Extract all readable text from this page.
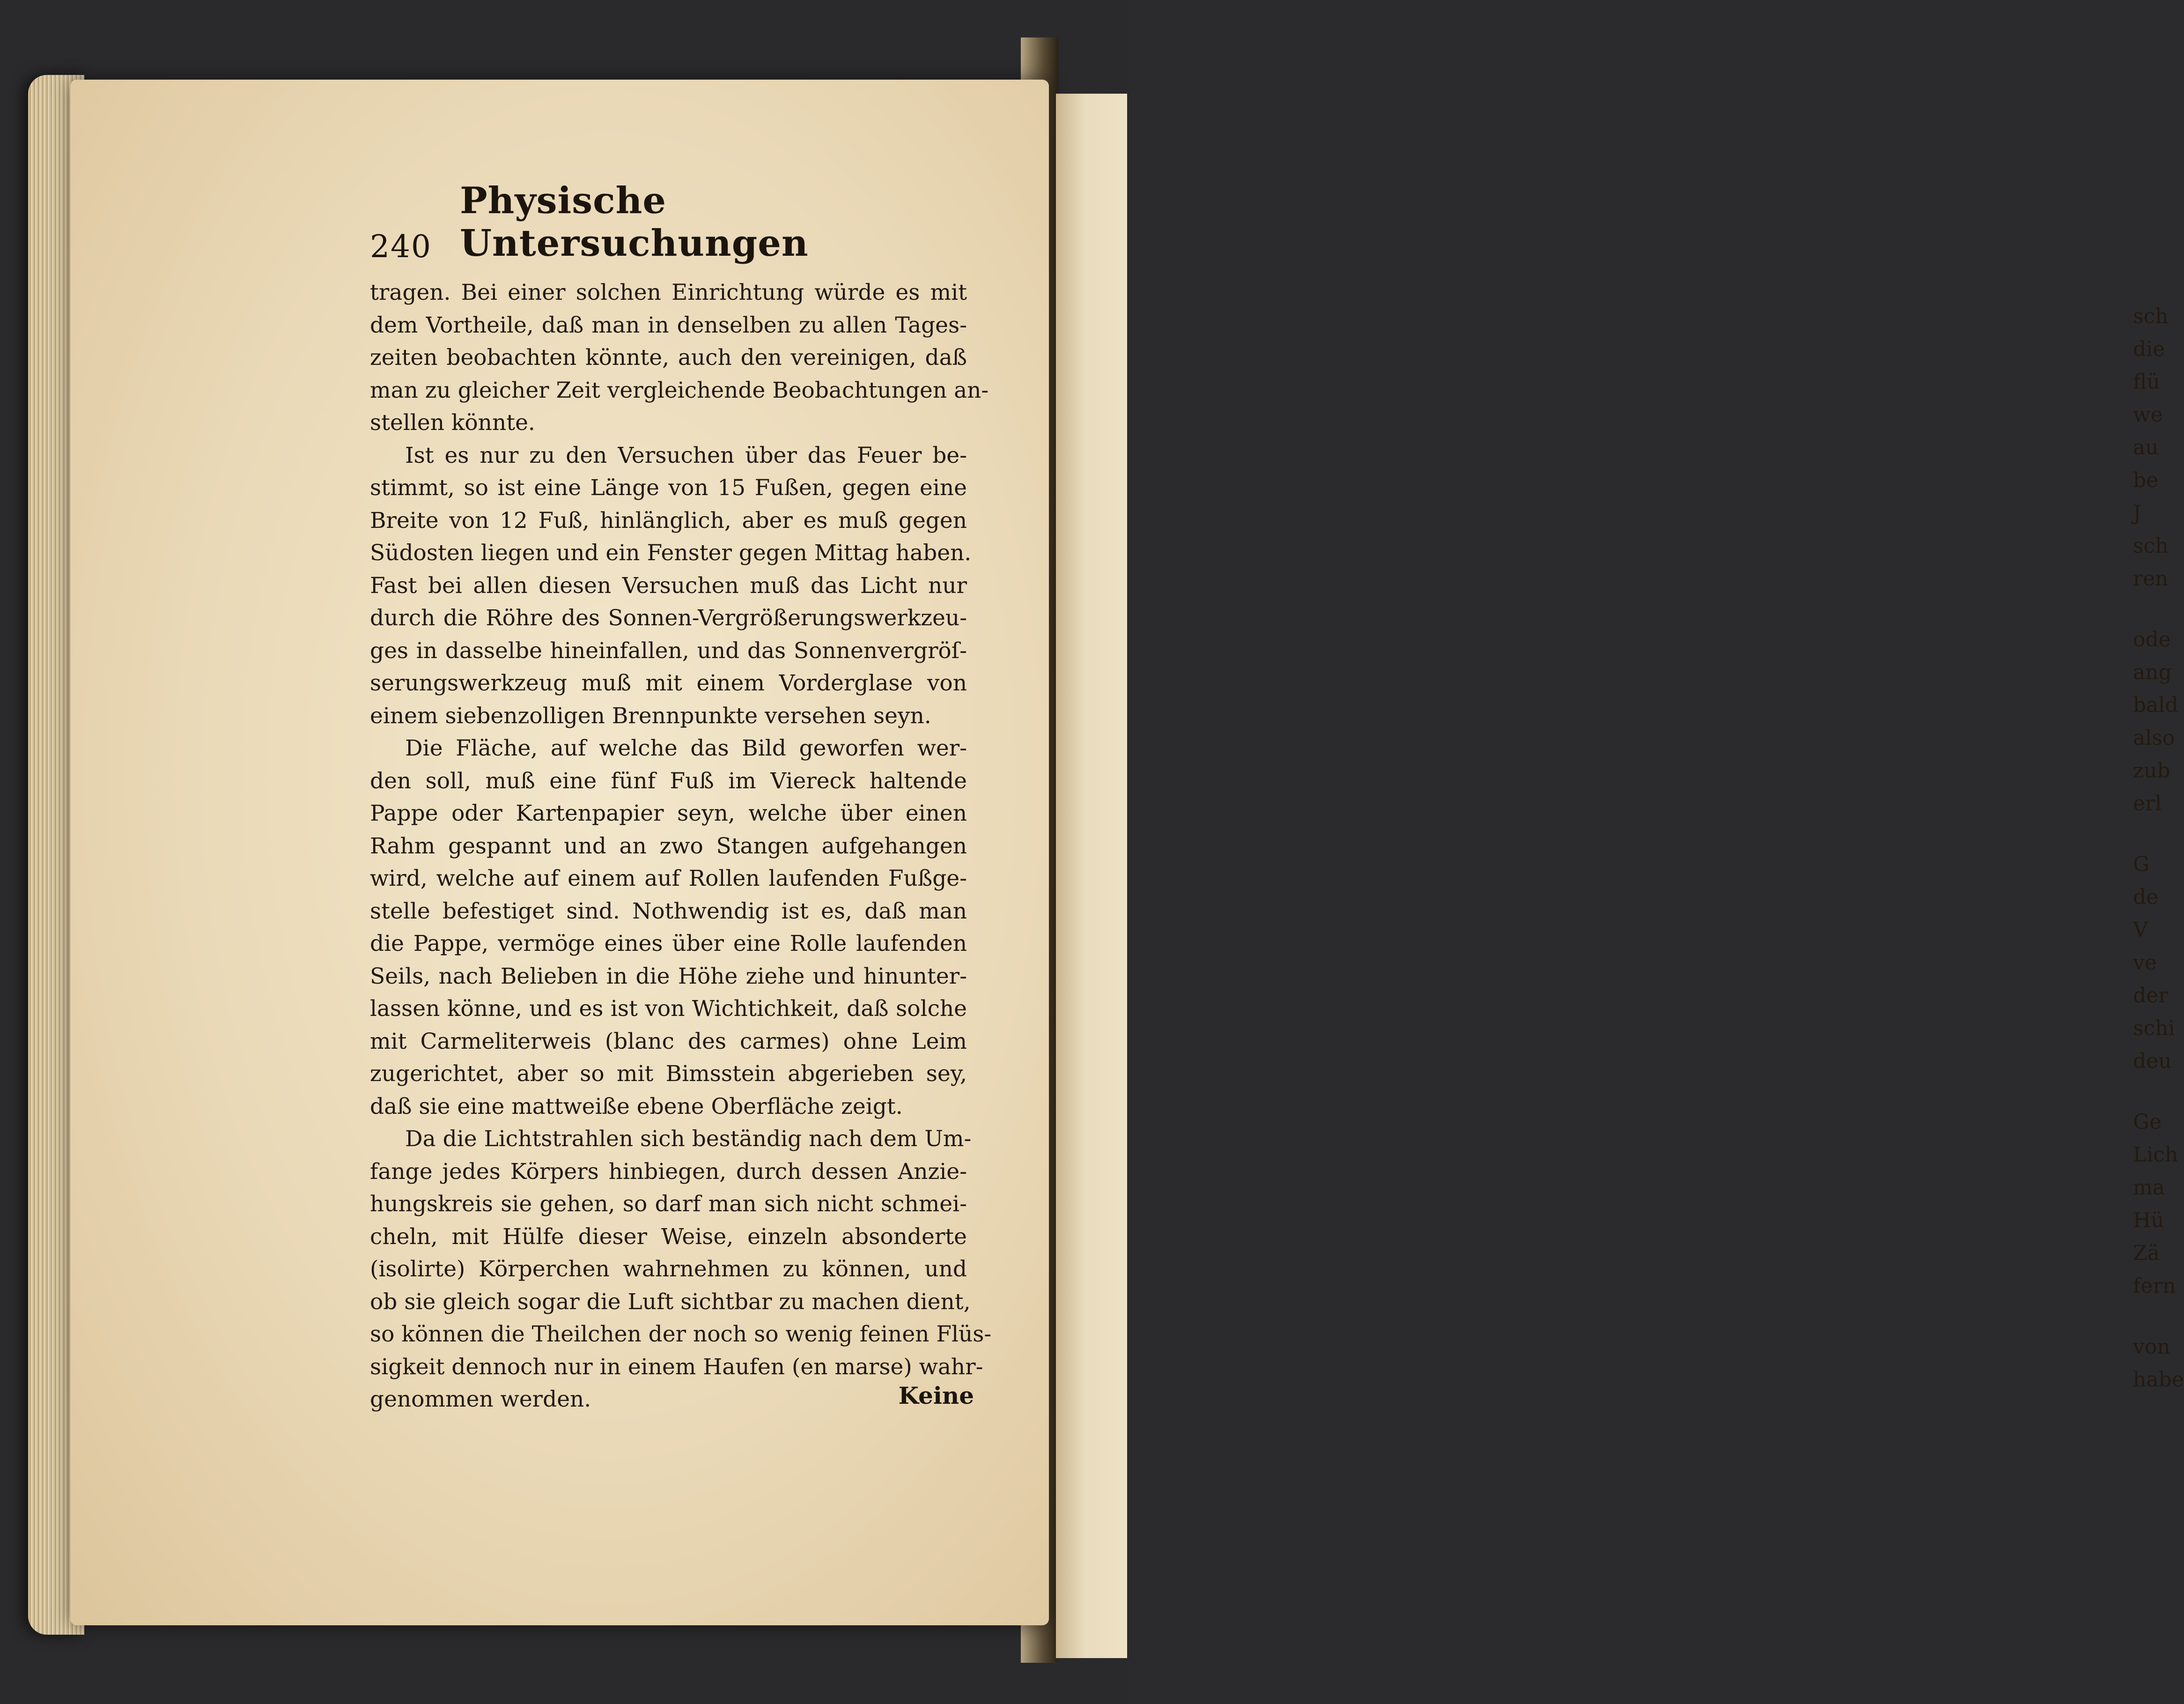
sch
die
flü
we
au
be
J
sch
ren
ode
ang
bald
also
zub
erl
G
de
V
ve
der
schi
deu
Ge
Lich
ma
Hü
Zä
fern
von
habe
240
Physische Untersuchungen
tragen. Bei einer solchen Einrichtung würde es mit
dem Vortheile, daß man in denselben zu allen Tages-
zeiten beobachten könnte, auch den vereinigen, daß
man zu gleicher Zeit vergleichende Beobachtungen an-
stellen könnte.
Ist es nur zu den Versuchen über das Feuer be-
stimmt, so ist eine Länge von 15 Fußen, gegen eine
Breite von 12 Fuß, hinlänglich, aber es muß gegen
Südosten liegen und ein Fenster gegen Mittag haben.
Fast bei allen diesen Versuchen muß das Licht nur
durch die Röhre des Sonnen-Vergrößerungswerkzeu-
ges in dasselbe hineinfallen, und das Sonnenvergröſ-
serungswerkzeug muß mit einem Vorderglase von
einem siebenzolligen Brennpunkte versehen seyn.
Die Fläche, auf welche das Bild geworfen wer-
den soll, muß eine fünf Fuß im Viereck haltende
Pappe oder Kartenpapier seyn, welche über einen
Rahm gespannt und an zwo Stangen aufgehangen
wird, welche auf einem auf Rollen laufenden Fußge-
stelle befestiget sind. Nothwendig ist es, daß man
die Pappe, vermöge eines über eine Rolle laufenden
Seils, nach Belieben in die Höhe ziehe und hinunter-
lassen könne, und es ist von Wichtichkeit, daß solche
mit Carmeliterweis (blanc des carmes) ohne Leim
zugerichtet, aber so mit Bimsstein abgerieben sey,
daß sie eine mattweiße ebene Oberfläche zeigt.
Da die Lichtstrahlen sich beständig nach dem Um-
fange jedes Körpers hinbiegen, durch dessen Anzie-
hungskreis sie gehen, so darf man sich nicht schmei-
cheln, mit Hülfe dieser Weise, einzeln absonderte
(isolirte) Körperchen wahrnehmen zu können, und
ob sie gleich sogar die Luft sichtbar zu machen dient,
so können die Theilchen der noch so wenig feinen Flüs-
sigkeit dennoch nur in einem Haufen (en marse) wahr-
genommen werden.	Keine
